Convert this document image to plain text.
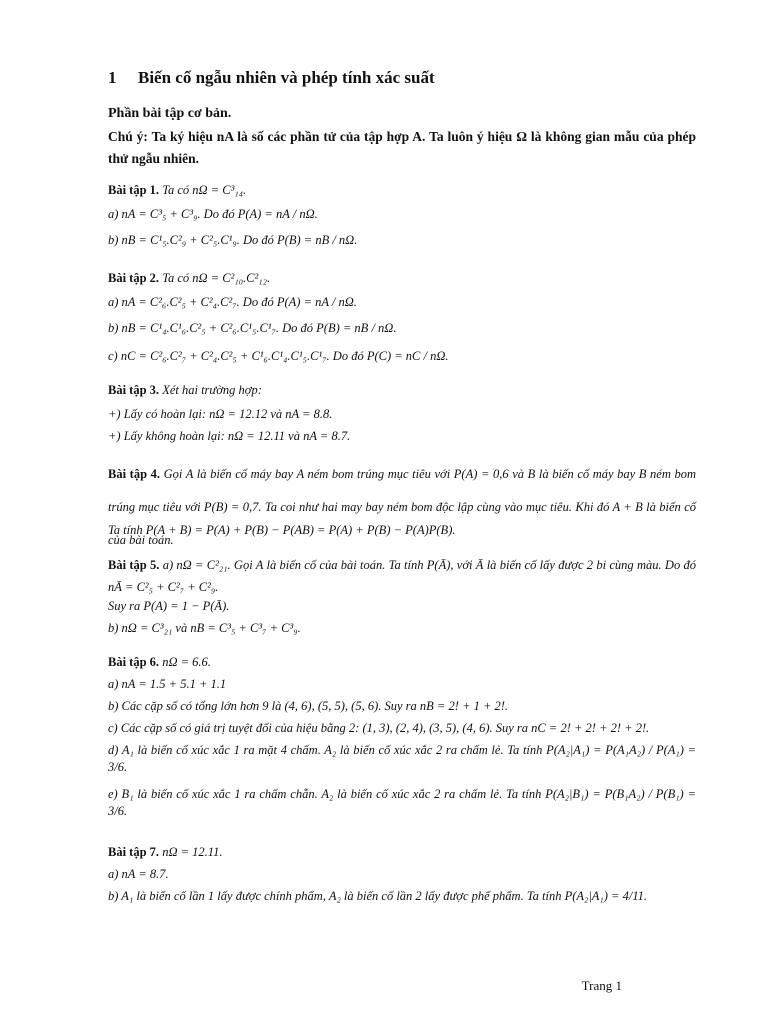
1 Biến cố ngẫu nhiên và phép tính xác suất
Phần bài tập cơ bản.
Chú ý: Ta ký hiệu nA là số các phần tử của tập hợp A. Ta luôn ý hiệu Ω là không gian mẫu của phép thử ngẫu nhiên.
Bài tập 1. Ta có nΩ = C³₁₄.
a) nA = C³₅ + C³₉. Do đó P(A) = nA / nΩ.
b) nB = C¹₅.C²₉ + C²₅.C¹₉. Do đó P(B) = nB / nΩ.
Bài tập 2. Ta có nΩ = C²₁₀.C²₁₂.
a) nA = C²₆.C²₅ + C²₄.C²₇. Do đó P(A) = nA / nΩ.
b) nB = C¹₄.C¹₆.C²₅ + C²₆.C¹₅.C¹₇. Do đó P(B) = nB / nΩ.
c) nC = C²₆.C²₇ + C²₄.C²₅ + C¹₆.C¹₄.C¹₅.C¹₇. Do đó P(C) = nC / nΩ.
Bài tập 3. Xét hai trường hợp:
+) Lấy có hoàn lại: nΩ = 12.12 và nA = 8.8.
+) Lấy không hoàn lại: nΩ = 12.11 và nA = 8.7.
Bài tập 4. Gọi A là biến cố máy bay A ném bom trúng mục tiêu với P(A) = 0,6 và B là biến cố máy bay B ném bom trúng mục tiêu với P(B) = 0,7. Ta coi như hai may bay ném bom độc lập cùng vào mục tiêu. Khi đó A + B là biến cố của bài toán.
Ta tính P(A + B) = P(A) + P(B) − P(AB) = P(A) + P(B) − P(A)P(B).
Bài tập 5. a) nΩ = C²₂₁. Gọi A là biến cố của bài toán. Ta tính P(Ā), với Ā là biến cố lấy được 2 bi cùng màu. Do đó nĀ = C²₅ + C²₇ + C²₉.
Suy ra P(A) = 1 − P(Ā).
b) nΩ = C³₂₁ và nB = C³₅ + C³₇ + C³₉.
Bài tập 6. nΩ = 6.6.
a) nA = 1.5 + 5.1 + 1.1
b) Các cặp số có tổng lớn hơn 9 là (4, 6), (5, 5), (5, 6). Suy ra nB = 2! + 1 + 2!.
c) Các cặp số có giá trị tuyệt đối của hiệu bằng 2: (1, 3), (2, 4), (3, 5), (4, 6). Suy ra nC = 2! + 2! + 2! + 2!.
d) A₁ là biến cố xúc xắc 1 ra mặt 4 chấm. A₂ là biến cố xúc xắc 2 ra chấm lẻ. Ta tính P(A₂|A₁) = P(A₁A₂) / P(A₁) = 3/6.
e) B₁ là biến cố xúc xắc 1 ra chấm chẵn. A₂ là biến cố xúc xắc 2 ra chấm lẻ. Ta tính P(A₂|B₁) = P(B₁A₂) / P(B₁) = 3/6.
Bài tập 7. nΩ = 12.11.
a) nA = 8.7.
b) A₁ là biến cố lần 1 lấy được chính phẩm, A₂ là biến cố lần 2 lấy được phế phẩm. Ta tính P(A₂|A₁) = 4/11.
Trang 1
